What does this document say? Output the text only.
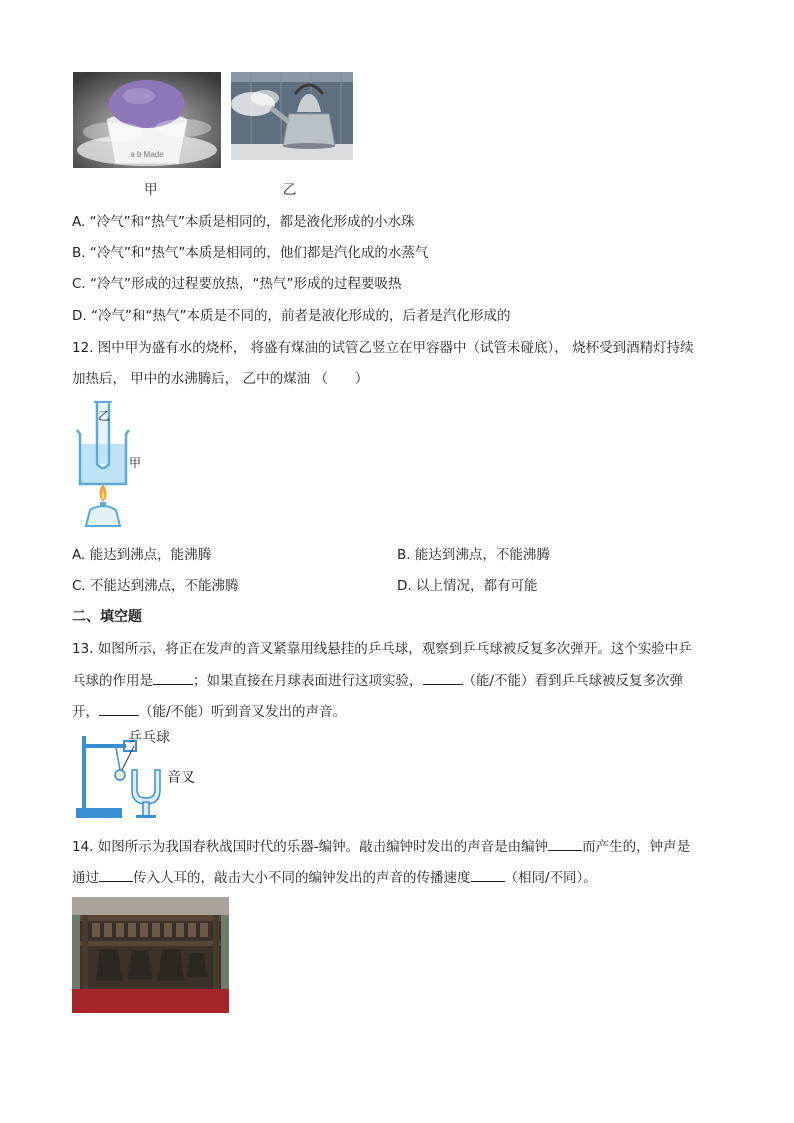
a b Made
甲	乙
A. “冷气”和“热气”本质是相同的，都是液化形成的小水珠
B. “冷气”和“热气”本质是相同的，他们都是汽化成的水蒸气
C. “冷气”形成的过程要放热，“热气”形成的过程要吸热
D. “冷气”和“热气”本质是不同的，前者是液化形成的，后者是汽化形成的
12. 图中甲为盛有水的烧杯， 将盛有煤油的试管乙竖立在甲容器中（试管未碰底）， 烧杯受到酒精灯持续
加热后， 甲中的水沸腾后， 乙中的煤油 （　　）
乙
甲
A. 能达到沸点，能沸腾	B. 能达到沸点，不能沸腾
C. 不能达到沸点，不能沸腾	D. 以上情况，都有可能
二、填空题
13. 如图所示，将正在发声的音叉紧靠用线悬挂的乒乓球，观察到乒乓球被反复多次弹开。这个实验中乒
乓球的作用是	；如果直接在月球表面进行这项实验，	（能/不能）看到乒乓球被反复多次弹
开，	（能/不能）听到音叉发出的声音。
乒乓球
音叉
14. 如图所示为我国春秋战国时代的乐器-编钟。敲击编钟时发出的声音是由编钟	而产生的，钟声是
通过	传入人耳的，敲击大小不同的编钟发出的声音的传播速度	（相同/不同）。
